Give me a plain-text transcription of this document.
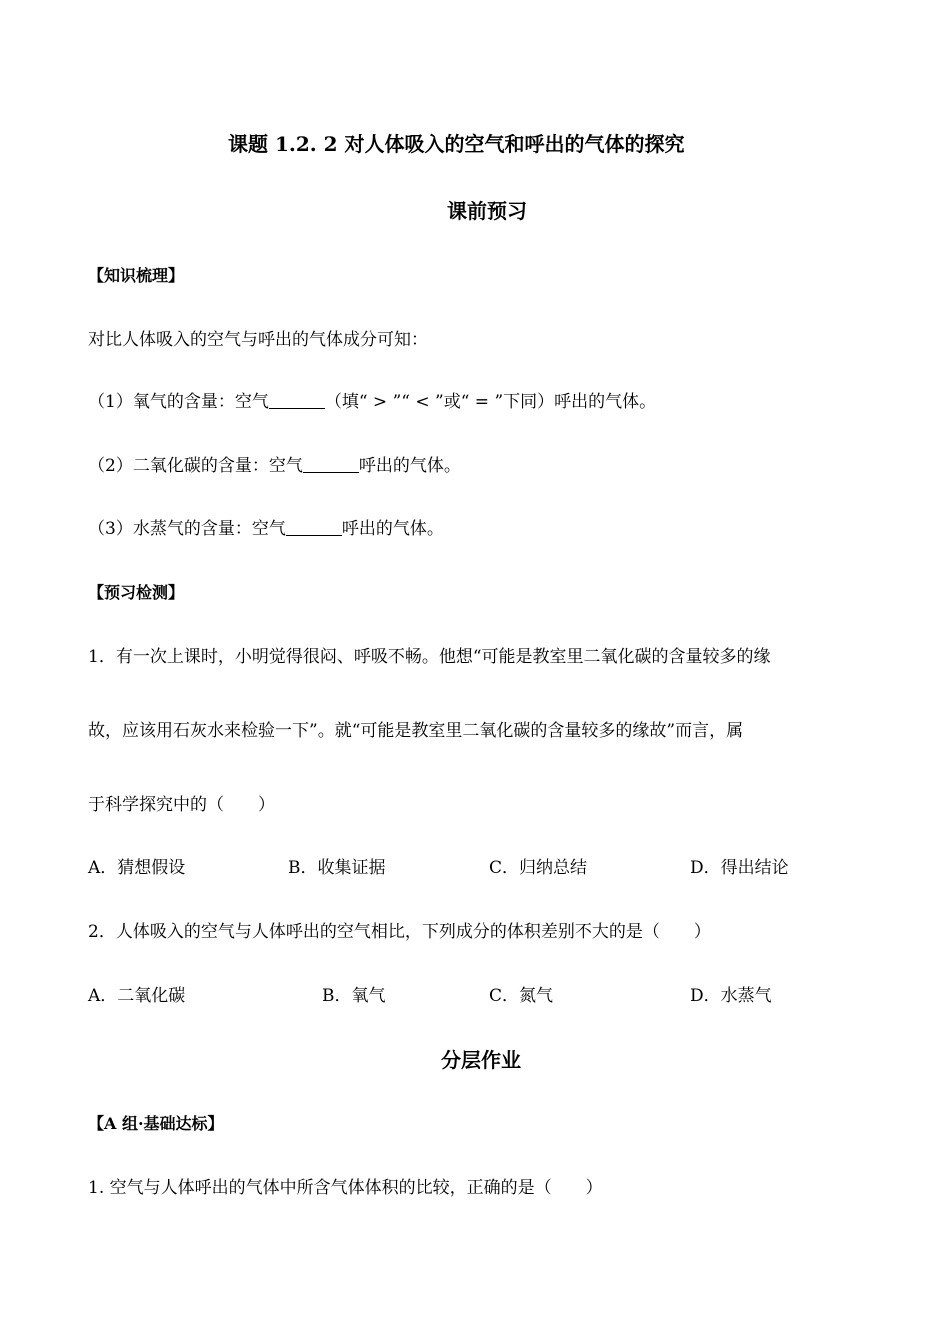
课题 1.2. 2 对人体吸入的空气和呼出的气体的探究
课前预习
【知识梳理】
对比人体吸入的空气与呼出的气体成分可知：
（1）氧气的含量：空气	（填“ > ”“ < ”或“ = ”下同）呼出的气体。
（2）二氧化碳的含量：空气	呼出的气体。
（3）水蒸气的含量：空气	呼出的气体。
【预习检测】
1．有一次上课时，小明觉得很闷、呼吸不畅。他想“可能是教室里二氧化碳的含量较多的缘
故，应该用石灰水来检验一下”。就“可能是教室里二氧化碳的含量较多的缘故”而言，属
于科学探究中的（　　）
A．猜想假设	B．收集证据	C．归纳总结	D．得出结论
2．人体吸入的空气与人体呼出的空气相比，下列成分的体积差别不大的是（　　）
A．二氧化碳	B．氧气	C．氮气	D．水蒸气
分层作业
【A 组·基础达标】
1. 空气与人体呼出的气体中所含气体体积的比较，正确的是（　　）
